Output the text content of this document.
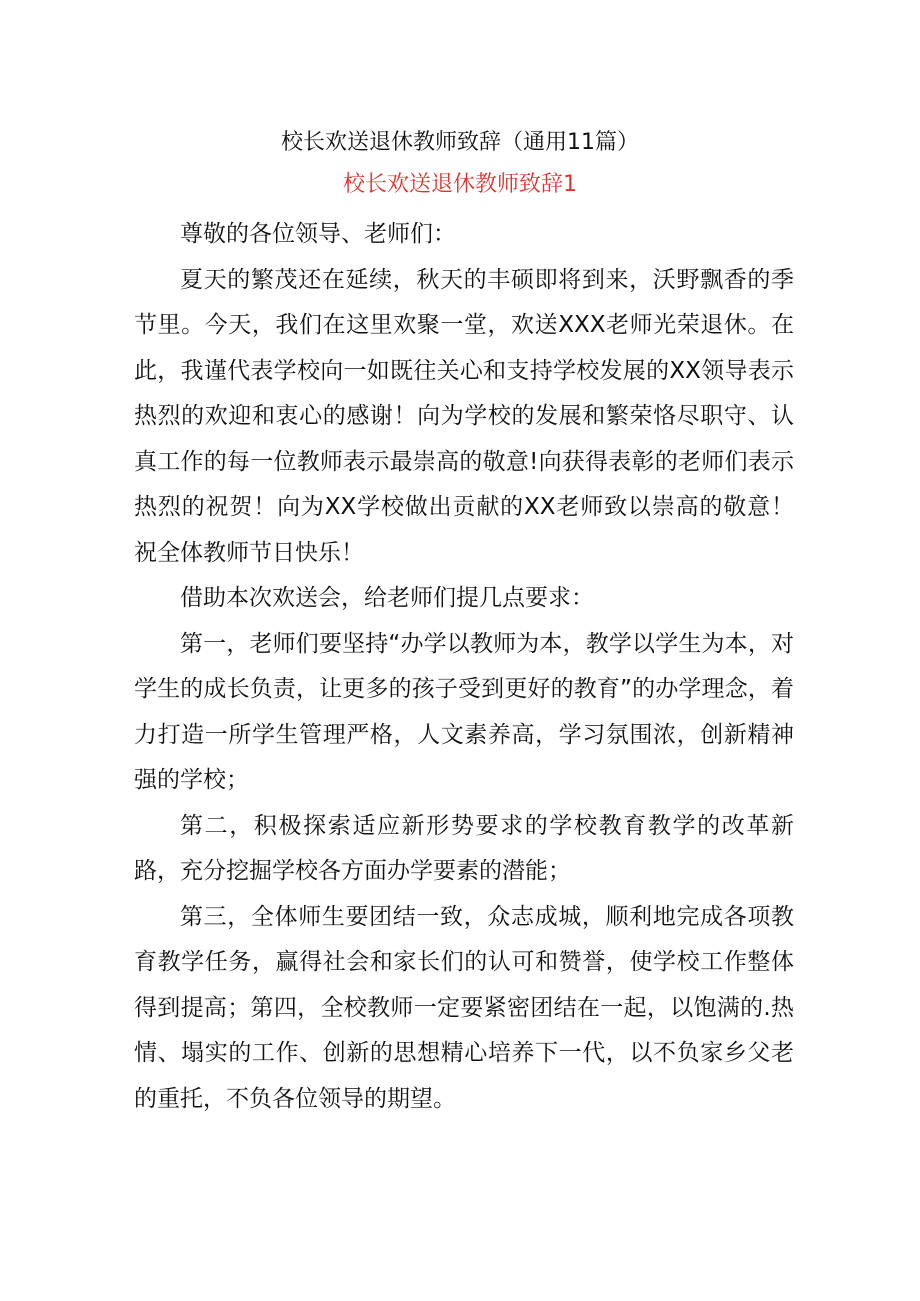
校长欢送退休教师致辞（通用11篇）
校长欢送退休教师致辞1

尊敬的各位领导、老师们：

夏天的繁茂还在延续，秋天的丰硕即将到来，沃野飘香的季节里。今天，我们在这里欢聚一堂，欢送XXX老师光荣退休。在此，我谨代表学校向一如既往关心和支持学校发展的XX领导表示热烈的欢迎和衷心的感谢！向为学校的发展和繁荣恪尽职守、认真工作的每一位教师表示最崇高的敬意!向获得表彰的老师们表示热烈的祝贺！向为XX学校做出贡献的XX老师致以崇高的敬意！祝全体教师节日快乐！

借助本次欢送会，给老师们提几点要求：

第一，老师们要坚持“办学以教师为本，教学以学生为本，对学生的成长负责，让更多的孩子受到更好的教育”的办学理念，着力打造一所学生管理严格，人文素养高，学习氛围浓，创新精神强的学校；

第二，积极探索适应新形势要求的学校教育教学的改革新路，充分挖掘学校各方面办学要素的潜能；

第三，全体师生要团结一致，众志成城，顺利地完成各项教育教学任务，赢得社会和家长们的认可和赞誉，使学校工作整体得到提高；第四，全校教师一定要紧密团结在一起，以饱满的.热情、塌实的工作、创新的思想精心培养下一代，以不负家乡父老的重托，不负各位领导的期望。
